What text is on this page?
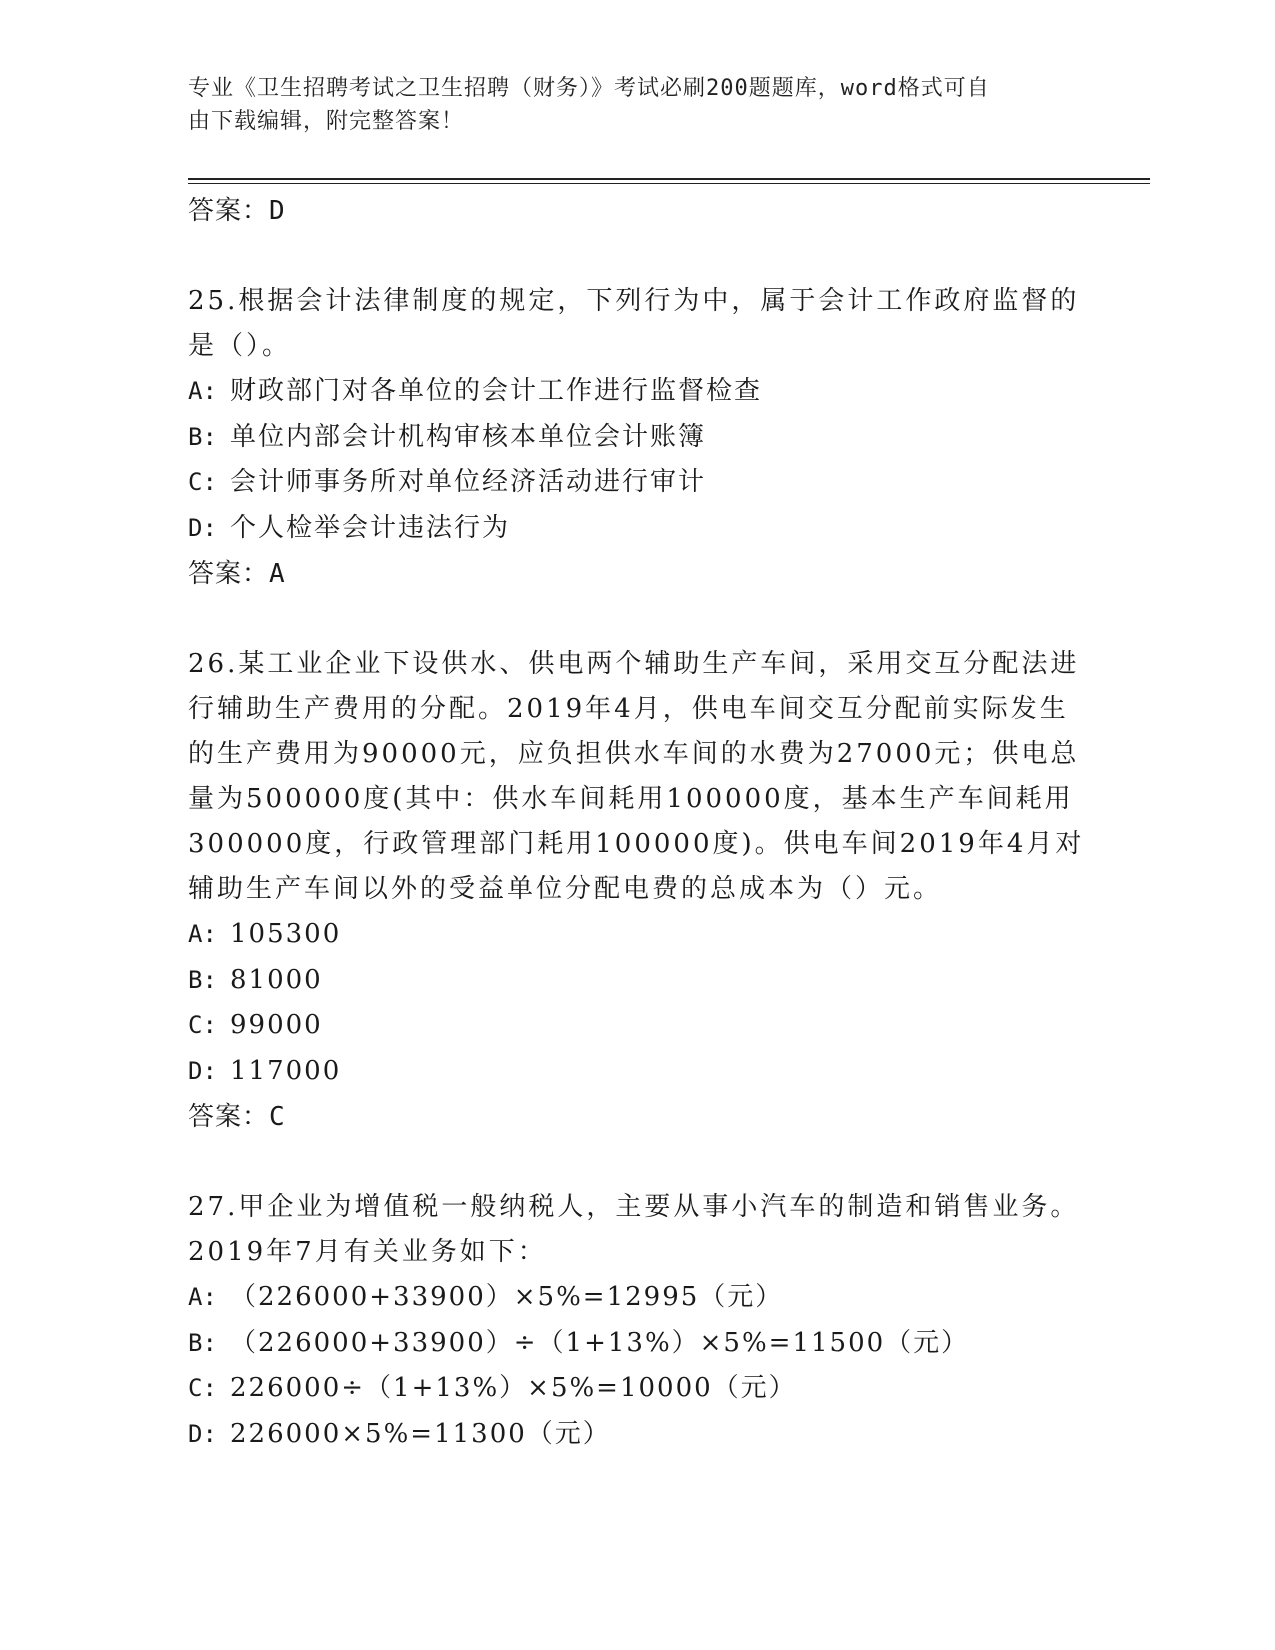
专业《卫生招聘考试之卫生招聘（财务）》考试必刷200题题库，word格式可自
由下载编辑，附完整答案！
答案：D
25.根据会计法律制度的规定，下列行为中，属于会计工作政府监督的是（）。
A: 财政部门对各单位的会计工作进行监督检查
B: 单位内部会计机构审核本单位会计账簿
C: 会计师事务所对单位经济活动进行审计
D: 个人检举会计违法行为
答案：A
26.某工业企业下设供水、供电两个辅助生产车间，采用交互分配法进行辅助生产费用的分配。2019年4月，供电车间交互分配前实际发生的生产费用为90000元，应负担供水车间的水费为27000元；供电总量为500000度(其中：供水车间耗用100000度，基本生产车间耗用300000度，行政管理部门耗用100000度)。供电车间2019年4月对辅助生产车间以外的受益单位分配电费的总成本为（）元。
A: 105300
B: 81000
C: 99000
D: 117000
答案：C
27.甲企业为增值税一般纳税人，主要从事小汽车的制造和销售业务。2019年7月有关业务如下：
A: （226000+33900）×5%=12995（元）
B: （226000+33900）÷（1+13%）×5%=11500（元）
C: 226000÷（1+13%）×5%=10000（元）
D: 226000×5%=11300（元）
